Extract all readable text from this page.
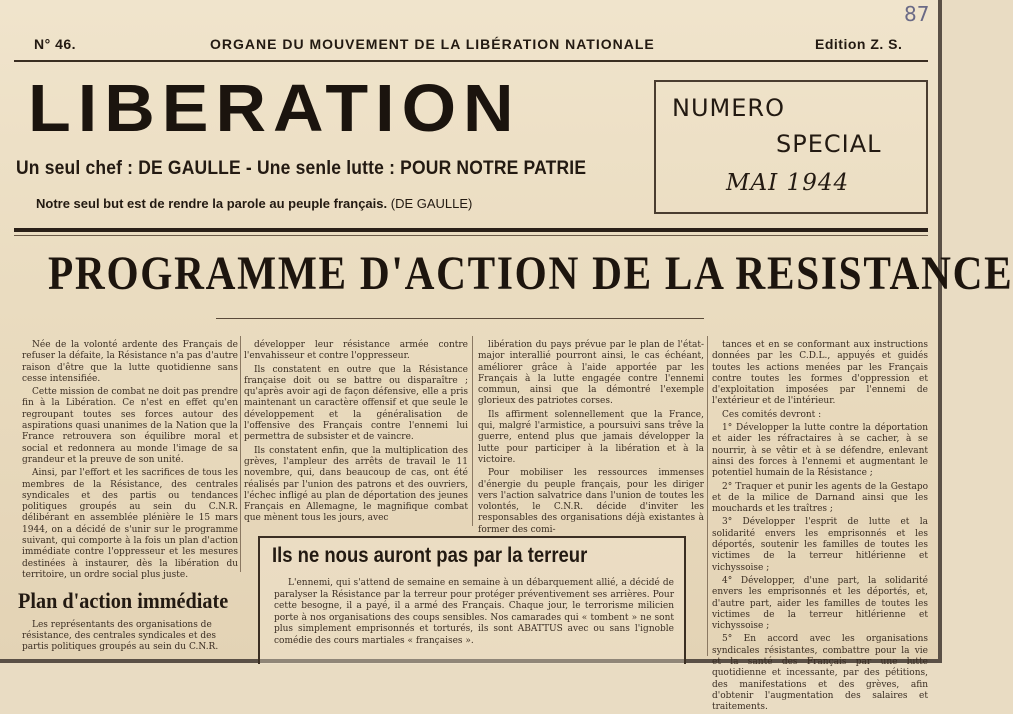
87
N° 46.	ORGANE DU MOUVEMENT DE LA LIBÉRATION NATIONALE	Edition Z. S.
LIBERATION
Un seul chef : DE GAULLE - Une senle lutte : POUR NOTRE PATRIE
Notre seul but est de rendre la parole au peuple français. (DE GAULLE)
NUMERO
SPECIAL
MAI 1944
PROGRAMME D'ACTION DE LA RESISTANCE

Née de la volonté ardente des Français de refuser la défaite, la Résistance n'a pas d'autre raison d'être que la lutte quotidienne sans cesse intensifiée.

Cette mission de combat ne doit pas prendre fin à la Libération. Ce n'est en effet qu'en regroupant toutes ses forces autour des aspirations quasi unanimes de la Nation que la France retrouvera son équilibre moral et social et redonnera au monde l'image de sa grandeur et la preuve de son unité.

Ainsi, par l'effort et les sacrifices de tous les membres de la Résistance, des centrales syndicales et des partis ou tendances politiques groupés au sein du C.N.R. délibérant en assemblée plénière le 15 mars 1944, on a décidé de s'unir sur le programme suivant, qui comporte à la fois un plan d'action immédiate contre l'oppresseur et les mesures destinées à instaurer, dès la libération du territoire, un ordre social plus juste.

développer leur résistance armée contre l'envahisseur et contre l'oppresseur.

Ils constatent en outre que la Résistance française doit ou se battre ou disparaître ; qu'après avoir agi de façon défensive, elle a pris maintenant un caractère offensif et que seule le développement et la généralisation de l'offensive des Français contre l'ennemi lui permettra de subsister et de vaincre.

Ils constatent enfin, que la multiplication des grèves, l'ampleur des arrêts de travail le 11 novembre, qui, dans beaucoup de cas, ont été réalisés par l'union des patrons et des ouvriers, l'échec infligé au plan de déportation des jeunes Français en Allemagne, le magnifique combat que mènent tous les jours, avec

libération du pays prévue par le plan de l'état-major interallié pourront ainsi, le cas échéant, améliorer grâce à l'aide apportée par les Français à la lutte engagée contre l'ennemi commun, ainsi que la démontré l'exemple glorieux des patriotes corses.

Ils affirment solennellement que la France, qui, malgré l'armistice, a poursuivi sans trêve la guerre, entend plus que jamais développer la lutte pour participer à la libération et à la victoire.

Pour mobiliser les ressources immenses d'énergie du peuple français, pour les diriger vers l'action salvatrice dans l'union de toutes les volontés, le C.N.R. décide d'inviter les responsables des organisations déjà existantes à former des comi-

tances et en se conformant aux instructions données par les C.D.L., appuyés et guidés toutes les actions menées par les Français contre toutes les formes d'oppression et d'exploitation imposées par l'ennemi de l'extérieur et de l'intérieur.

Ces comités devront :

1° Développer la lutte contre la déportation et aider les réfractaires à se cacher, à se nourrir, à se vêtir et à se défendre, enlevant ainsi des forces à l'ennemi et augmentant le potentiel humain de la Résistance ;

2° Traquer et punir les agents de la Gestapo et de la milice de Darnand ainsi que les mouchards et les traîtres ;

3° Développer l'esprit de lutte et la solidarité envers les emprisonnés et les déportés, soutenir les familles de toutes les victimes de la terreur hitlérienne et vichyssoise ;

4° Développer, d'une part, la solidarité envers les emprisonnés et les déportés, et, d'autre part, aider les familles de toutes les victimes de la terreur hitlérienne et vichyssoise ;

5° En accord avec les organisations syndicales résistantes, combattre pour la vie et la santé des Français par une lutte quotidienne et incessante, par des pétitions, des manifestations et des grèves, afin d'obtenir l'augmentation des salaires et traitements.

Plan d'action immédiate

Les représentants des organisations de résistance, des centrales syndicales et des partis politiques groupés au sein du C.N.R.

Ils ne nous auront pas par la terreur

L'ennemi, qui s'attend de semaine en semaine à un débarquement allié, a décidé de paralyser la Résistance par la terreur pour protéger préventivement ses arrières. Pour cette besogne, il a payé, il a armé des Français. Chaque jour, le terrorisme milicien porte à nos organisations des coups sensibles. Nos camarades qui « tombent » ne sont plus simplement emprisonnés et torturés, ils sont ABATTUS avec ou sans l'ignoble comédie des cours martiales « françaises ».
